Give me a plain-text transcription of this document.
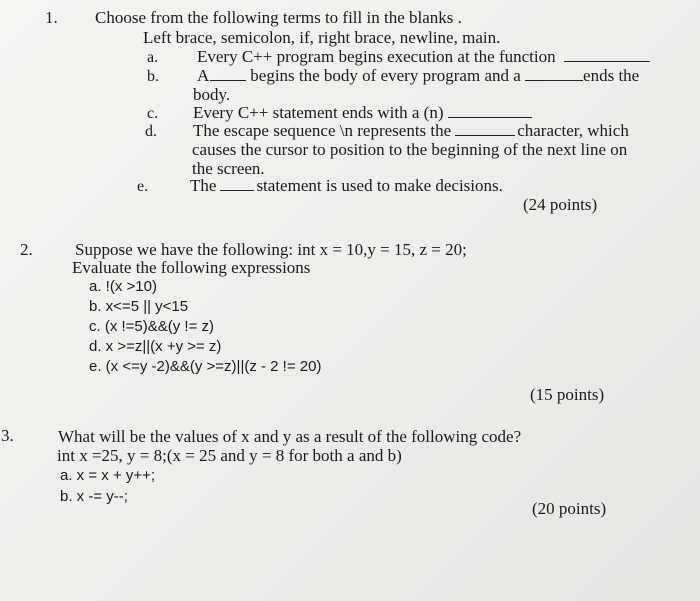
1. Choose from the following terms to fill in the blanks .
Left brace, semicolon, if, right brace, newline, main.
a. Every C++ program begins execution at the function
b. A begins the body of every program and a	ends the
body.
c. Every C++ statement ends with a (n)
d. The escape sequence \n represents the	character, which
causes the cursor to position to the beginning of the next line on
the screen.
e. The statement is used to make decisions.
(24 points)
2. Suppose we have the following: int x = 10,y = 15, z = 20;
Evaluate the following expressions
a. !(x >10)
b. x<=5 || y<15
c. (x !=5)&&(y != z)
d. x >=z||(x +y >= z)
e. (x <=y -2)&&(y >=z)||(z - 2 != 20)
(15 points)
3.	What will be the values of x and y as a result of the following code?
int x =25, y = 8;(x = 25 and y = 8 for both a and b)
a. x = x + y++;
b. x -= y--;
(20 points)
